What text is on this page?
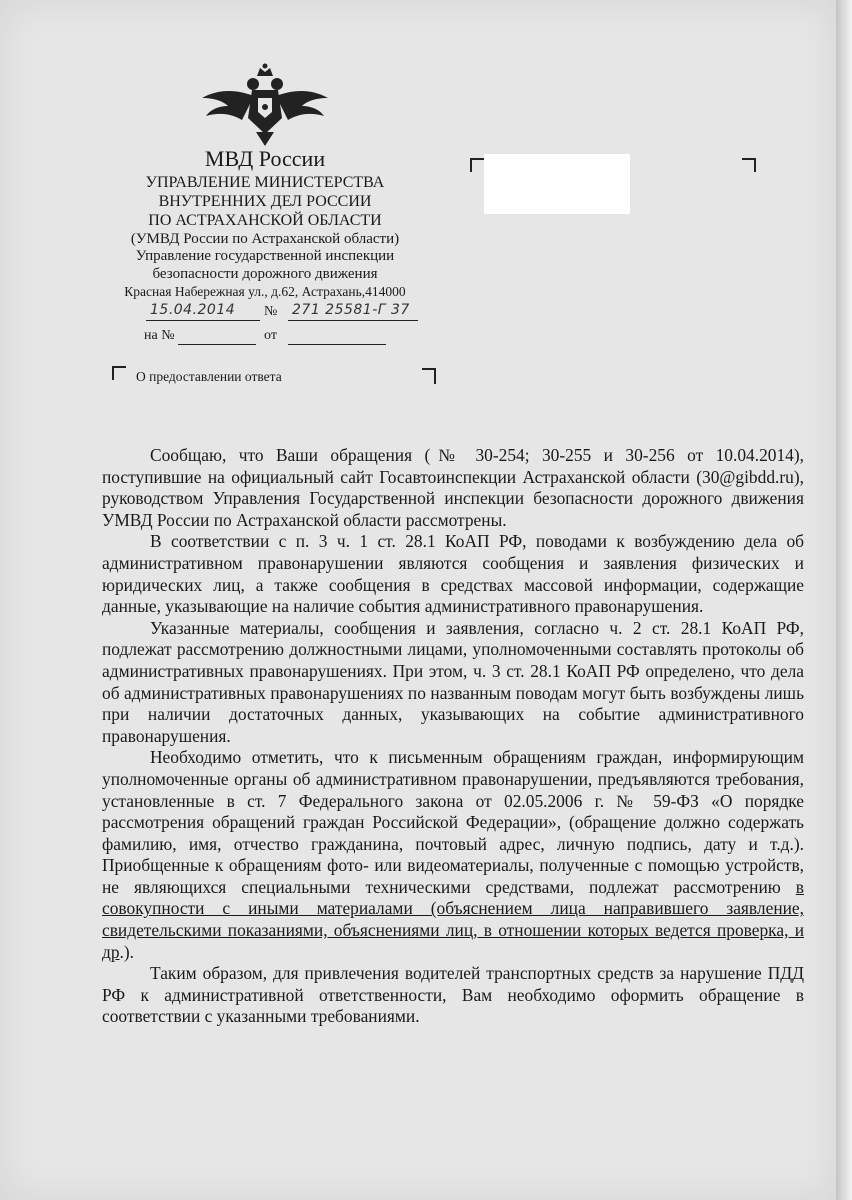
МВД России
УПРАВЛЕНИЕ МИНИСТЕРСТВА
ВНУТРЕННИХ ДЕЛ РОССИИ
ПО АСТРАХАНСКОЙ ОБЛАСТИ
(УМВД России по Астраханской области)
Управление государственной инспекции
безопасности дорожного движения
Красная Набережная ул., д.62, Астрахань,414000
15.04.2014 № 271 25581-Г 37
на №	от
О предоставлении ответа

Сообщаю, что Ваши обращения (№ 30-254; 30-255 и 30-256 от 10.04.2014), поступившие на официальный сайт Госавтоинспекции Астраханской области (30@gibdd.ru), руководством Управления Государственной инспекции безопасности дорожного движения УМВД России по Астраханской области рассмотрены.

В соответствии с п. 3 ч. 1 ст. 28.1 КоАП РФ, поводами к возбуждению дела об административном правонарушении являются сообщения и заявления физических и юридических лиц, а также сообщения в средствах массовой информации, содержащие данные, указывающие на наличие события административного правонарушения.

Указанные материалы, сообщения и заявления, согласно ч. 2 ст. 28.1 КоАП РФ, подлежат рассмотрению должностными лицами, уполномоченными составлять протоколы об административных правонарушениях. При этом, ч. 3 ст. 28.1 КоАП РФ определено, что дела об административных правонарушениях по названным поводам могут быть возбуждены лишь при наличии достаточных данных, указывающих на событие административного правонарушения.

Необходимо отметить, что к письменным обращениям граждан, информирующим уполномоченные органы об административном правонарушении, предъявляются требования, установленные в ст. 7 Федерального закона от 02.05.2006 г. № 59-ФЗ «О порядке рассмотрения обращений граждан Российской Федерации», (обращение должно содержать фамилию, имя, отчество гражданина, почтовый адрес, личную подпись, дату и т.д.). Приобщенные к обращениям фото- или видеоматериалы, полученные с помощью устройств, не являющихся специальными техническими средствами, подлежат рассмотрению в совокупности с иными материалами (объяснением лица направившего заявление, свидетельскими показаниями, объяснениями лиц, в отношении которых ведется проверка, и др.).

Таким образом, для привлечения водителей транспортных средств за нарушение ПДД РФ к административной ответственности, Вам необходимо оформить обращение в соответствии с указанными требованиями.
